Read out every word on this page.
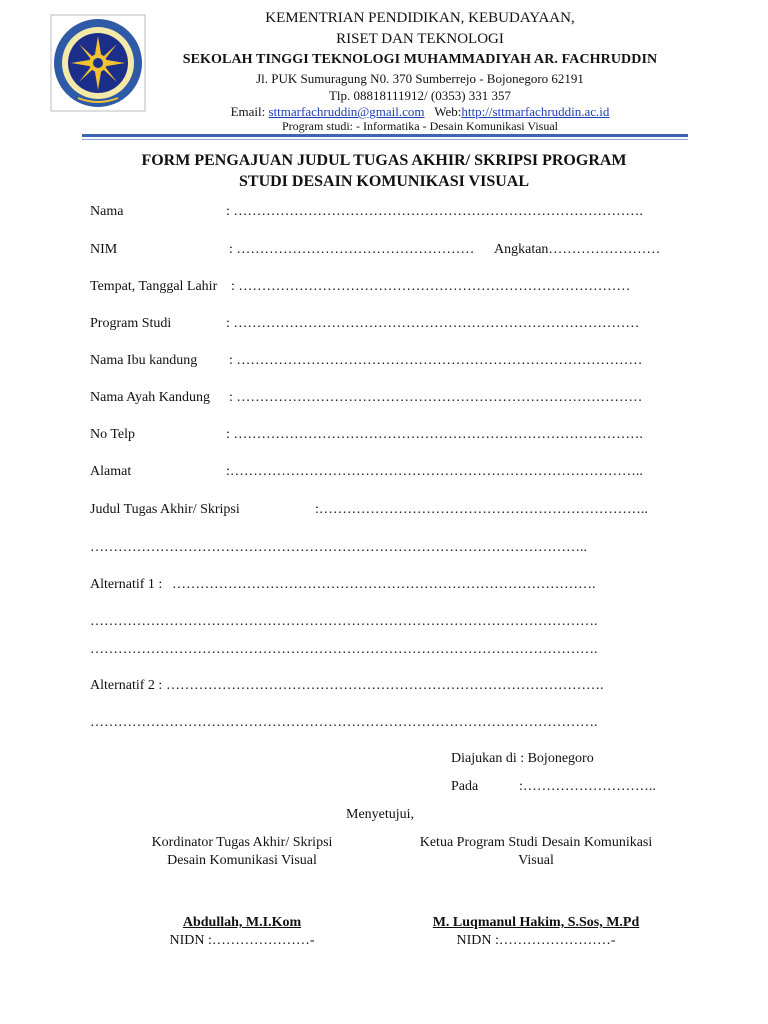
KEMENTRIAN PENDIDIKAN, KEBUDAYAAN,
RISET DAN TEKNOLOGI
SEKOLAH TINGGI TEKNOLOGI MUHAMMADIYAH AR. FACHRUDDIN
Jl. PUK Sumuragung N0. 370 Sumberrejo - Bojonegoro 62191
Tlp. 08818111912/ (0353) 331 357
Email: sttmarfachruddin@gmail.com Web:http://sttmarfachruddin.ac.id
Program studi: - Informatika - Desain Komunikasi Visual
FORM PENGAJUAN JUDUL TUGAS AKHIR/ SKRIPSI PROGRAM
STUDI DESAIN KOMUNIKASI VISUAL
Nama	: …………………………………………………………………………….
NIM	: …………………………………………… Angkatan……………………
Tempat, Tanggal Lahir : …………………………………………………………………………
Program Studi	: ……………………………………………………………………………
Nama Ibu kandung : ……………………………………………………………………………
Nama Ayah Kandung : ……………………………………………………………………………
No Telp	: …………………………………………………………………………….
Alamat	:……………………………………………………………………………..
Judul Tugas Akhir/ Skripsi	:……………………………………………………………..
……………………………………………………………………………………………..
Alternatif 1 : ……………………………………………………………………………….
……………………………………………………………………………………………….
……………………………………………………………………………………………….
Alternatif 2 : ………………………………………………………………………………….
……………………………………………………………………………………………….
Diajukan di : Bojonegoro
Pada	:………………………..
Menyetujui,
Kordinator Tugas Akhir/ Skripsi
Desain Komunikasi Visual
Ketua Program Studi Desain Komunikasi
Visual
Abdullah, M.I.Kom
NIDN :…………………-
M. Luqmanul Hakim, S.Sos, M.Pd
NIDN :……………………-
